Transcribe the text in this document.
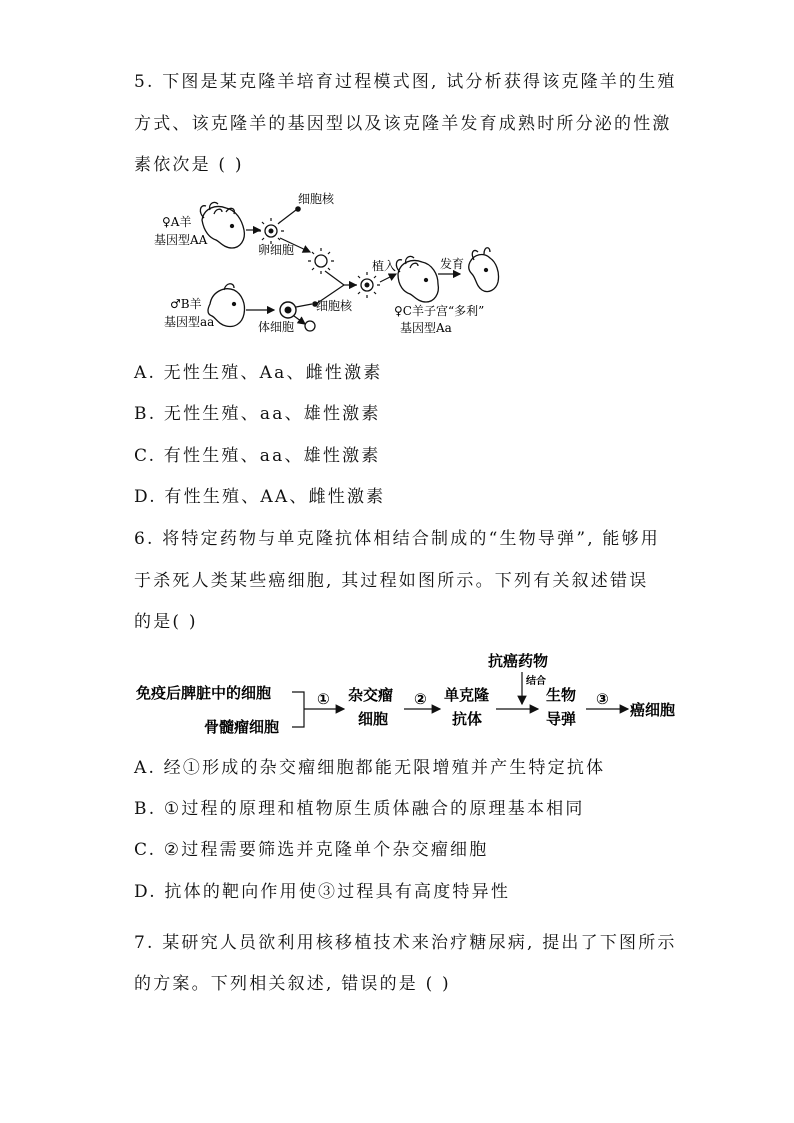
5. 下图是某克隆羊培育过程模式图, 试分析获得该克隆羊的生殖
方式、该克隆羊的基因型以及该克隆羊发育成熟时所分泌的性激
素依次是 ( )
♀A羊
基因型AA
卵细胞
细胞核
植入	发育
♂B羊
基因型aa	体细胞
细胞核	♀C羊子宫“多利”
基因型Aa
A. 无性生殖、Aa、雌性激素
B. 无性生殖、aa、雄性激素
C. 有性生殖、aa、雄性激素
D. 有性生殖、AA、雌性激素
6. 将特定药物与单克隆抗体相结合制成的“生物导弹”, 能够用
于杀死人类某些癌细胞, 其过程如图所示。下列有关叙述错误
的是( )
免疫后脾脏中的细胞
骨髓瘤细胞
① 杂交瘤
细胞
② 单克隆
抗体
抗癌药物
结合
生物
导弹
③
癌细胞
A. 经①形成的杂交瘤细胞都能无限增殖并产生特定抗体
B. ①过程的原理和植物原生质体融合的原理基本相同
C. ②过程需要筛选并克隆单个杂交瘤细胞
D. 抗体的靶向作用使③过程具有高度特异性
7. 某研究人员欲利用核移植技术来治疗糖尿病, 提出了下图所示
的方案。下列相关叙述, 错误的是 ( )
